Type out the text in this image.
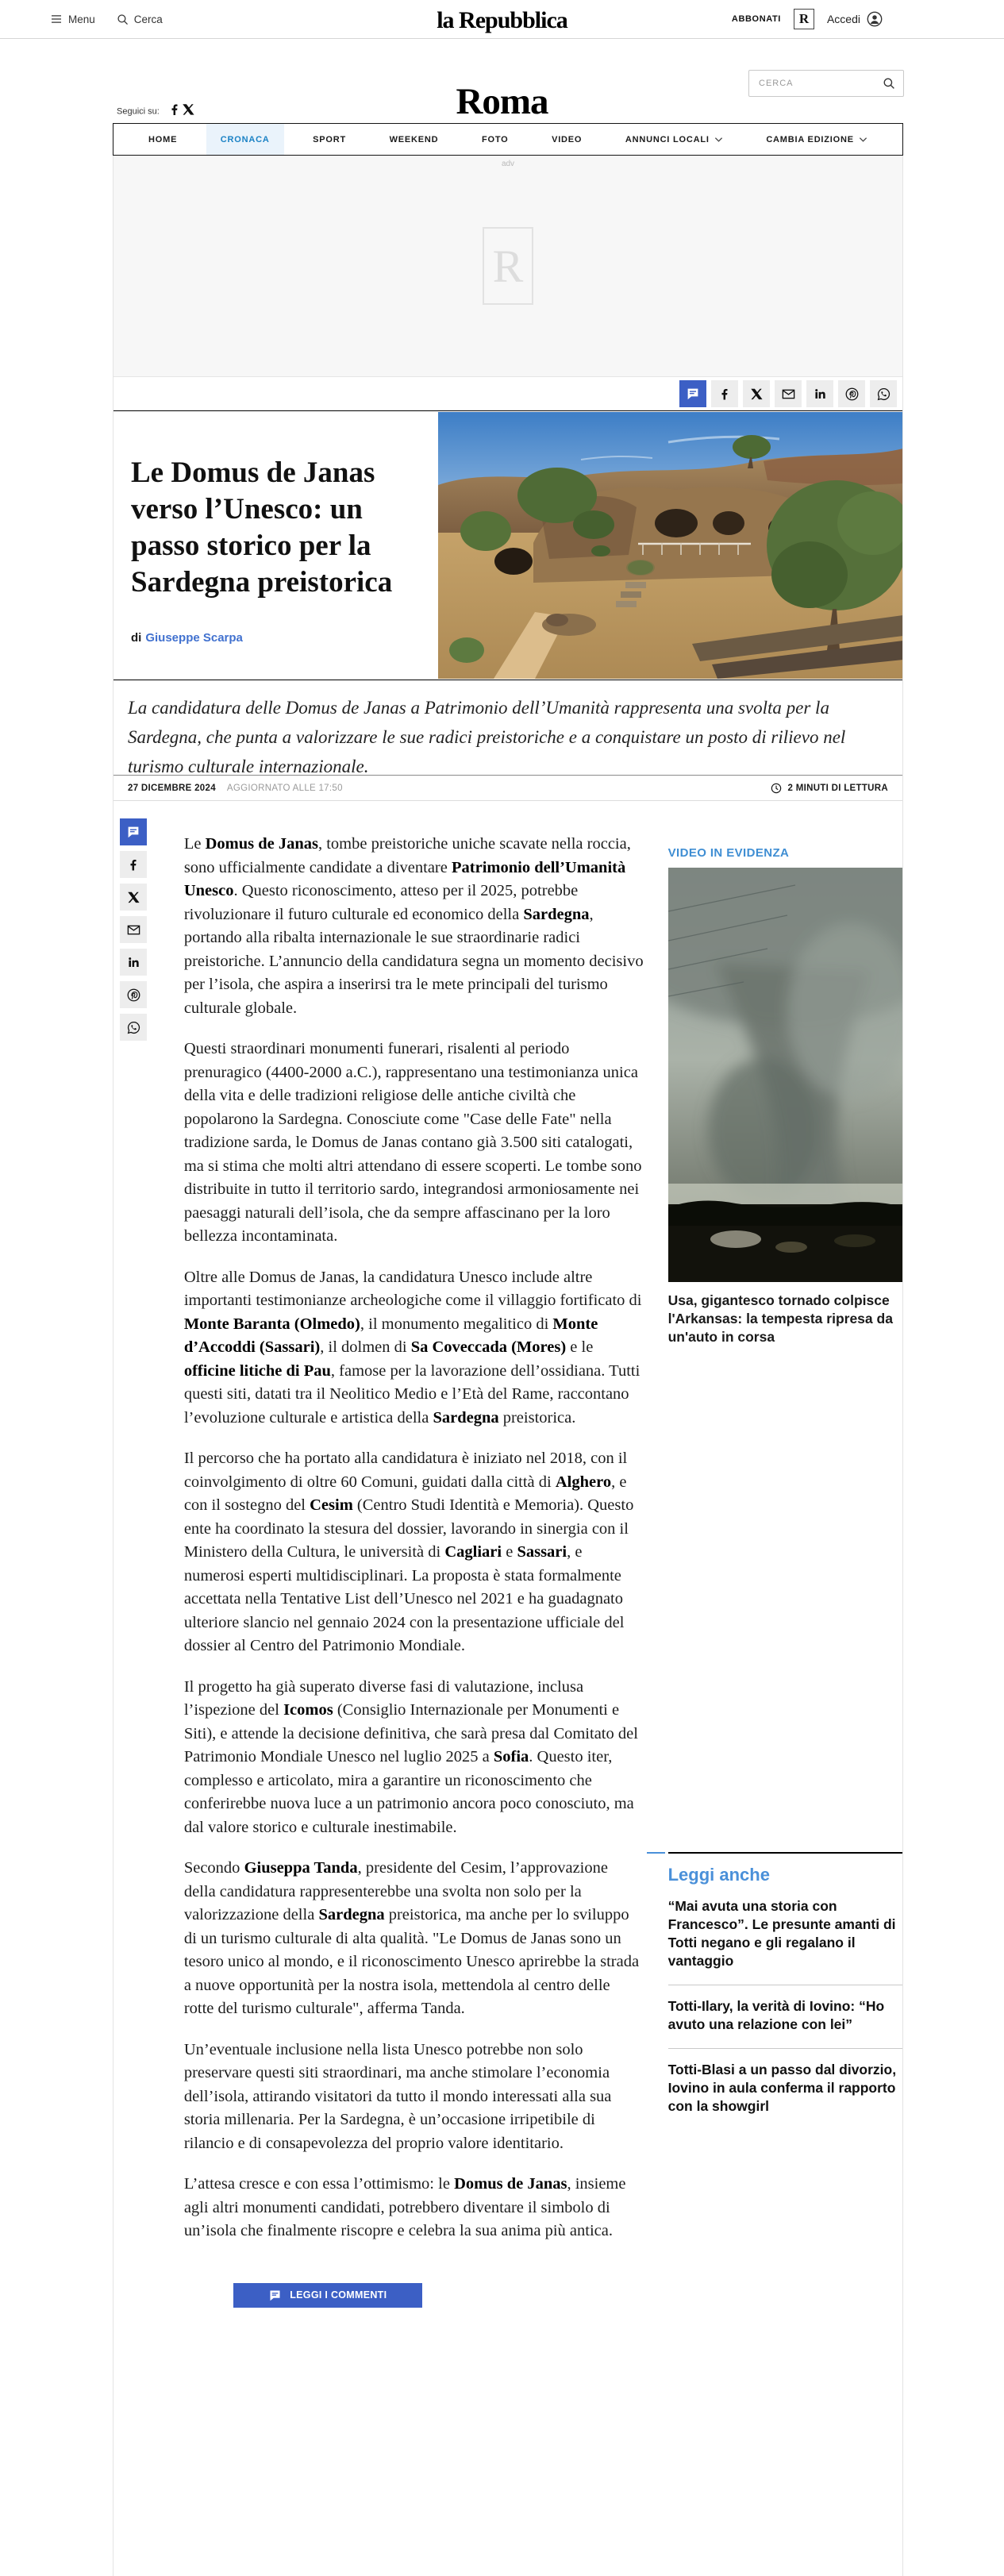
Menu	Cerca	la Repubblica	ABBONATI	R	Accedi
Seguici su:	Roma
CERCA
HOME	CRONACA	SPORT	WEEKEND	FOTO	VIDEO	ANNUNCI LOCALI	CAMBIA EDIZIONE
adv
R
Le Domus de Janas verso l’Unesco: un passo storico per la Sardegna preistorica
di Giuseppe Scarpa
La candidatura delle Domus de Janas a Patrimonio dell’Umanità rappresenta una svolta per la Sardegna, che punta a valorizzare le sue radici preistoriche e a conquistare un posto di rilievo nel turismo culturale internazionale.
27 DICEMBRE 2024 AGGIORNATO ALLE 17:50	2 MINUTI DI LETTURA

Le Domus de Janas, tombe preistoriche uniche scavate nella roccia, sono ufficialmente candidate a diventare Patrimonio dell’Umanità Unesco. Questo riconoscimento, atteso per il 2025, potrebbe rivoluzionare il futuro culturale ed economico della Sardegna, portando alla ribalta internazionale le sue straordinarie radici preistoriche. L’annuncio della candidatura segna un momento decisivo per l’isola, che aspira a inserirsi tra le mete principali del turismo culturale globale.

Questi straordinari monumenti funerari, risalenti al periodo prenuragico (4400-2000 a.C.), rappresentano una testimonianza unica della vita e delle tradizioni religiose delle antiche civiltà che popolarono la Sardegna. Conosciute come "Case delle Fate" nella tradizione sarda, le Domus de Janas contano già 3.500 siti catalogati, ma si stima che molti altri attendano di essere scoperti. Le tombe sono distribuite in tutto il territorio sardo, integrandosi armoniosamente nei paesaggi naturali dell’isola, che da sempre affascinano per la loro bellezza incontaminata.

Oltre alle Domus de Janas, la candidatura Unesco include altre importanti testimonianze archeologiche come il villaggio fortificato di Monte Baranta (Olmedo), il monumento megalitico di Monte d’Accoddi (Sassari), il dolmen di Sa Coveccada (Mores) e le officine litiche di Pau, famose per la lavorazione dell’ossidiana. Tutti questi siti, datati tra il Neolitico Medio e l’Età del Rame, raccontano l’evoluzione culturale e artistica della Sardegna preistorica.

Il percorso che ha portato alla candidatura è iniziato nel 2018, con il coinvolgimento di oltre 60 Comuni, guidati dalla città di Alghero, e con il sostegno del Cesim (Centro Studi Identità e Memoria). Questo ente ha coordinato la stesura del dossier, lavorando in sinergia con il Ministero della Cultura, le università di Cagliari e Sassari, e numerosi esperti multidisciplinari. La proposta è stata formalmente accettata nella Tentative List dell’Unesco nel 2021 e ha guadagnato ulteriore slancio nel gennaio 2024 con la presentazione ufficiale del dossier al Centro del Patrimonio Mondiale.

Il progetto ha già superato diverse fasi di valutazione, inclusa l’ispezione del Icomos (Consiglio Internazionale per Monumenti e Siti), e attende la decisione definitiva, che sarà presa dal Comitato del Patrimonio Mondiale Unesco nel luglio 2025 a Sofia. Questo iter, complesso e articolato, mira a garantire un riconoscimento che conferirebbe nuova luce a un patrimonio ancora poco conosciuto, ma dal valore storico e culturale inestimabile.

Secondo Giuseppa Tanda, presidente del Cesim, l’approvazione della candidatura rappresenterebbe una svolta non solo per la valorizzazione della Sardegna preistorica, ma anche per lo sviluppo di un turismo culturale di alta qualità. "Le Domus de Janas sono un tesoro unico al mondo, e il riconoscimento Unesco aprirebbe la strada a nuove opportunità per la nostra isola, mettendola al centro delle rotte del turismo culturale", afferma Tanda.

Un’eventuale inclusione nella lista Unesco potrebbe non solo preservare questi siti straordinari, ma anche stimolare l’economia dell’isola, attirando visitatori da tutto il mondo interessati alla sua storia millenaria. Per la Sardegna, è un’occasione irripetibile di rilancio e di consapevolezza del proprio valore identitario.

L’attesa cresce e con essa l’ottimismo: le Domus de Janas, insieme agli altri monumenti candidati, potrebbero diventare il simbolo di un’isola che finalmente riscopre e celebra la sua anima più antica.

LEGGI I COMMENTI
VIDEO IN EVIDENZA
Usa, gigantesco tornado colpisce l'Arkansas: la tempesta ripresa da un'auto in corsa
Leggi anche
“Mai avuta una storia con Francesco”. Le presunte amanti di Totti negano e gli regalano il vantaggio
Totti-Ilary, la verità di Iovino: “Ho avuto una relazione con lei”
Totti-Blasi a un passo dal divorzio, Iovino in aula conferma il rapporto con la showgirl
